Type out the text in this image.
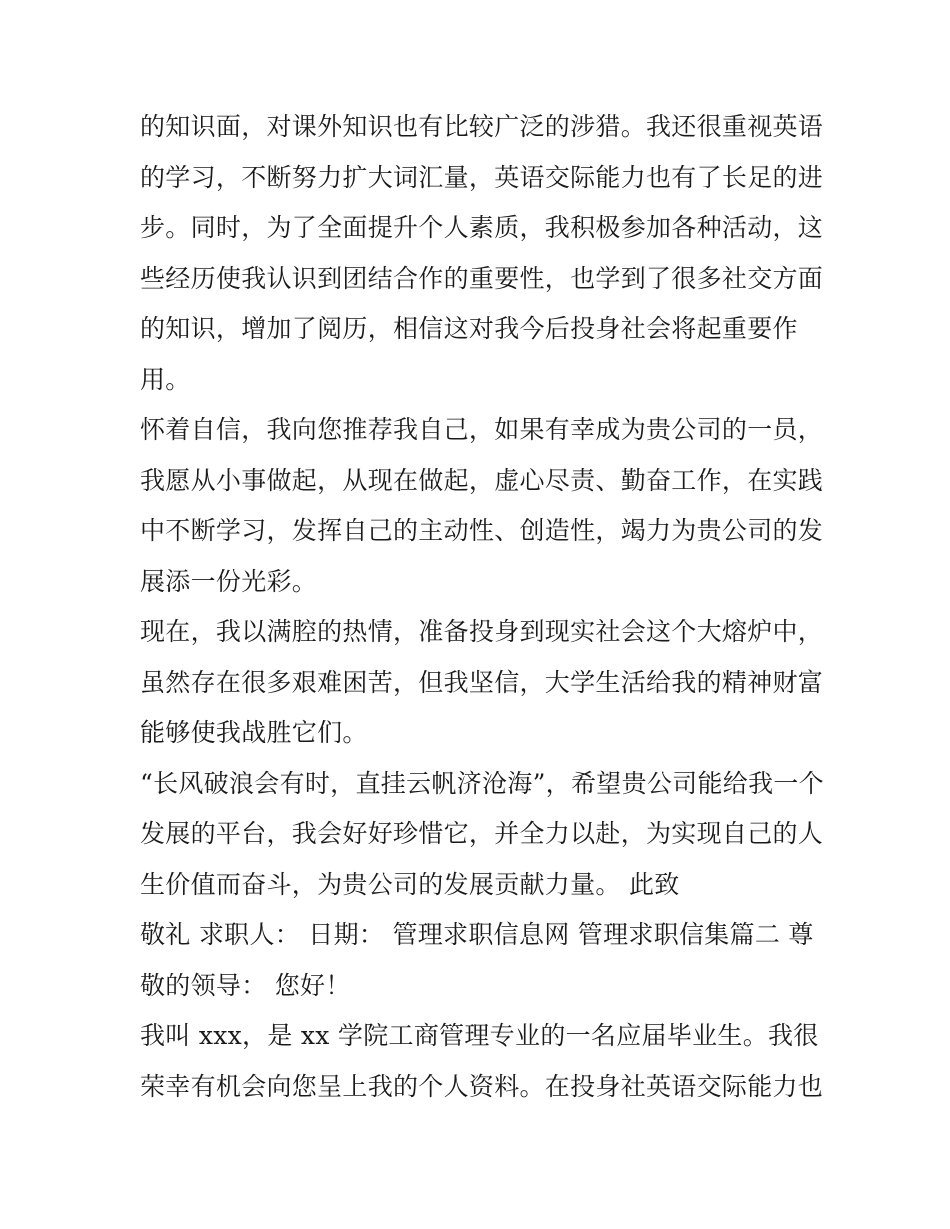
的知识面，对课外知识也有比较广泛的涉猎。我还很重视英语
的学习，不断努力扩大词汇量，英语交际能力也有了长足的进
步。同时，为了全面提升个人素质，我积极参加各种活动，这
些经历使我认识到团结合作的重要性，也学到了很多社交方面
的知识，增加了阅历，相信这对我今后投身社会将起重要作
用。
怀着自信，我向您推荐我自己，如果有幸成为贵公司的一员，
我愿从小事做起，从现在做起，虚心尽责、勤奋工作，在实践
中不断学习，发挥自己的主动性、创造性，竭力为贵公司的发
展添一份光彩。
现在，我以满腔的热情，准备投身到现实社会这个大熔炉中，
虽然存在很多艰难困苦，但我坚信，大学生活给我的精神财富
能够使我战胜它们。
“长风破浪会有时，直挂云帆济沧海”，希望贵公司能给我一个
发展的平台，我会好好珍惜它，并全力以赴，为实现自己的人
生价值而奋斗，为贵公司的发展贡献力量。 此致
敬礼 求职人： 日期： 管理求职信息网 管理求职信集篇二 尊
敬的领导： 您好！
我叫 xxx，是 xx 学院工商管理专业的一名应届毕业生。我很
荣幸有机会向您呈上我的个人资料。在投身社英语交际能力也
